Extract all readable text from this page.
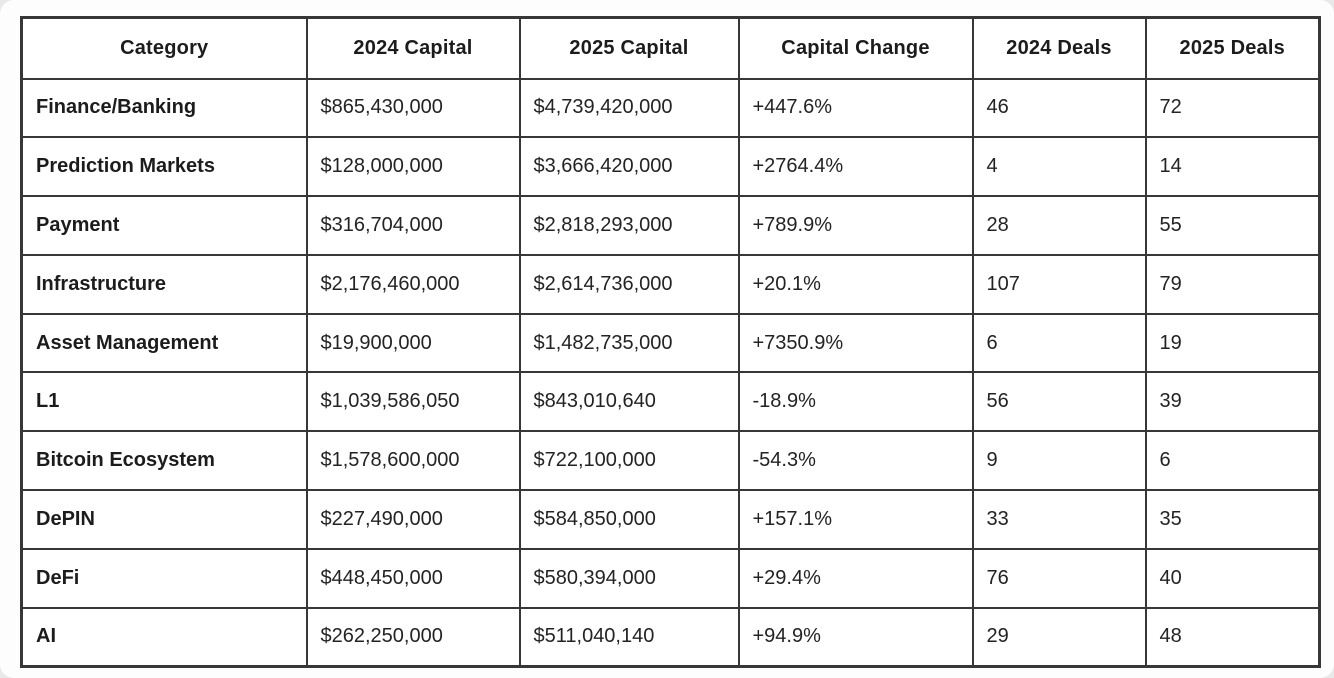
Category	2024 Capital	2025 Capital	Capital Change	2024 Deals	2025 Deals
Finance/Banking	$865,430,000	$4,739,420,000	+447.6%	46	72
Prediction Markets	$128,000,000	$3,666,420,000	+2764.4%	4	14
Payment	$316,704,000	$2,818,293,000	+789.9%	28	55
Infrastructure	$2,176,460,000	$2,614,736,000	+20.1%	107	79
Asset Management	$19,900,000	$1,482,735,000	+7350.9%	6	19
L1	$1,039,586,050	$843,010,640	-18.9%	56	39
Bitcoin Ecosystem	$1,578,600,000	$722,100,000	-54.3%	9	6
DePIN	$227,490,000	$584,850,000	+157.1%	33	35
DeFi	$448,450,000	$580,394,000	+29.4%	76	40
AI	$262,250,000	$511,040,140	+94.9%	29	48
